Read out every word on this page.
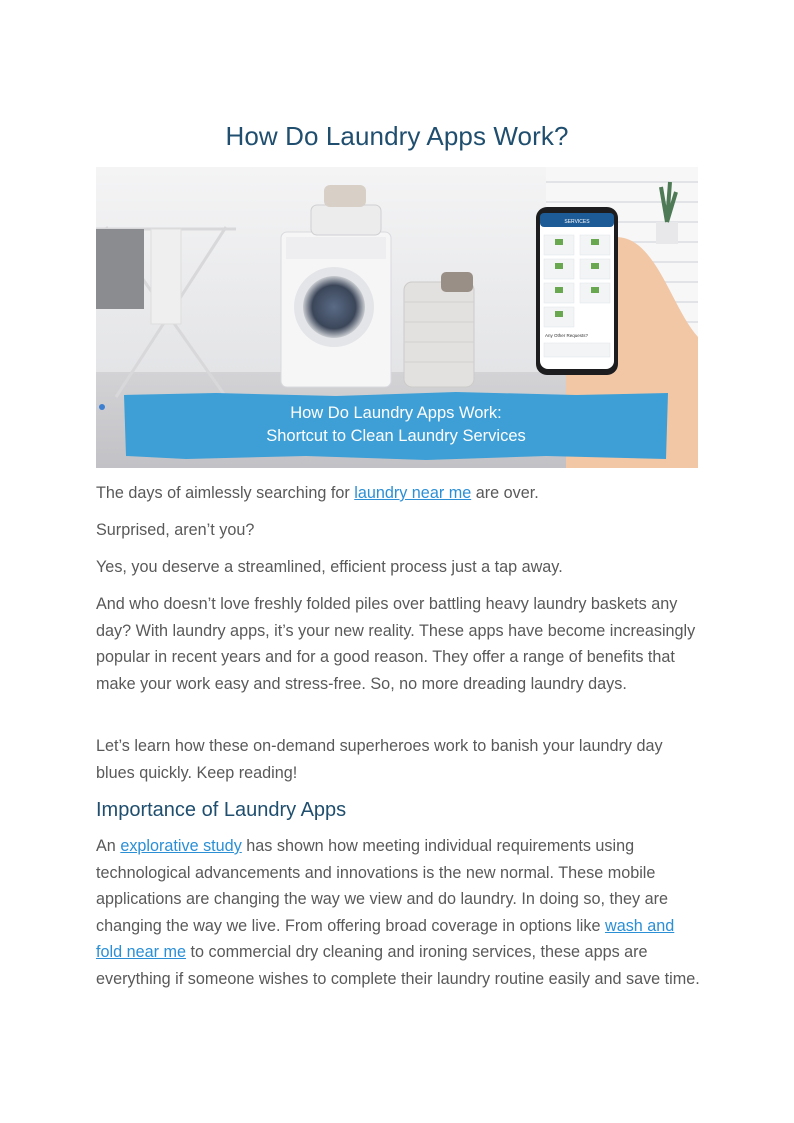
How Do Laundry Apps Work?
SERVICES
Any Other Requests?
How Do Laundry Apps Work:
Shortcut to Clean Laundry Services

The days of aimlessly searching for laundry near me are over.

Surprised, aren’t you?

Yes, you deserve a streamlined, efficient process just a tap away.

And who doesn’t love freshly folded piles over battling heavy laundry baskets any day? With laundry apps, it’s your new reality. These apps have become increasingly popular in recent years and for a good reason. They offer a range of benefits that make your work easy and stress-free. So, no more dreading laundry days.

Let’s learn how these on-demand superheroes work to banish your laundry day blues quickly. Keep reading!

Importance of Laundry Apps

An explorative study has shown how meeting individual requirements using technological advancements and innovations is the new normal. These mobile applications are changing the way we view and do laundry. In doing so, they are changing the way we live. From offering broad coverage in options like wash and fold near me to commercial dry cleaning and ironing services, these apps are everything if someone wishes to complete their laundry routine easily and save time.
